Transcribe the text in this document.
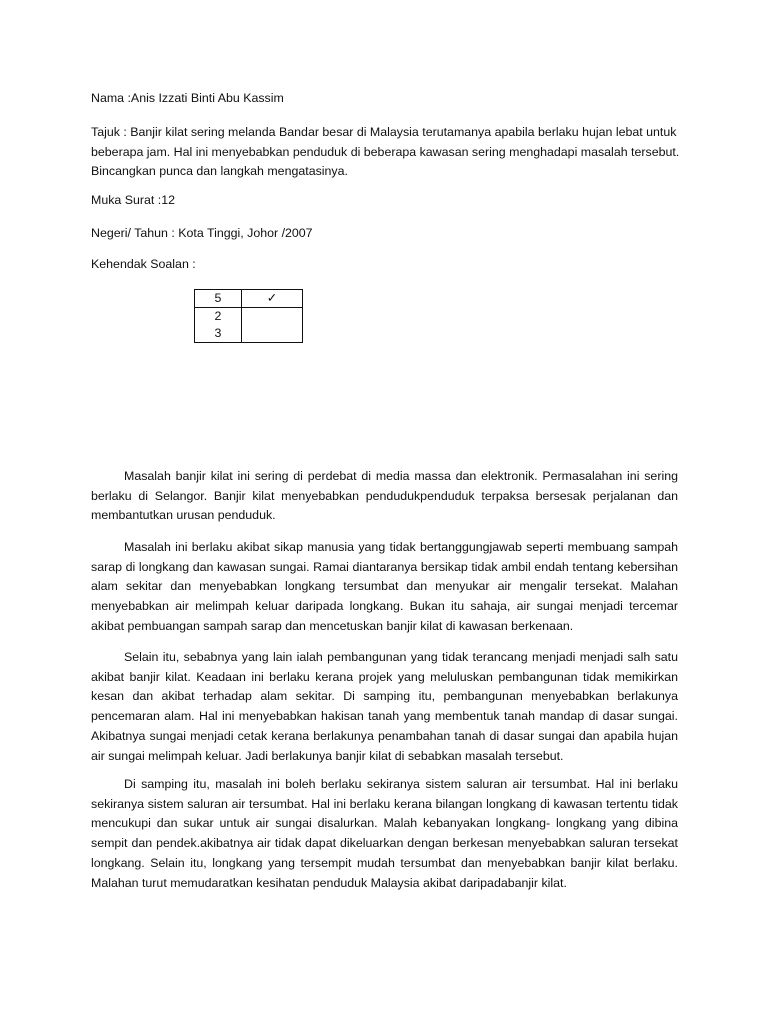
Nama :Anis Izzati Binti Abu Kassim
Tajuk : Banjir kilat sering melanda Bandar besar di Malaysia terutamanya apabila berlaku hujan lebat untuk beberapa jam. Hal ini menyebabkan penduduk di beberapa kawasan sering menghadapi masalah tersebut. Bincangkan punca dan langkah mengatasinya.
Muka Surat :12
Negeri/ Tahun : Kota Tinggi, Johor /2007
Kehendak Soalan :
5	✓

2
3	

Masalah banjir kilat ini sering di perdebat di media massa dan elektronik. Permasalahan ini sering berlaku di Selangor. Banjir kilat menyebabkan pendudukpenduduk terpaksa bersesak perjalanan dan membantutkan urusan penduduk.

Masalah ini berlaku akibat sikap manusia yang tidak bertanggungjawab seperti membuang sampah sarap di longkang dan kawasan sungai. Ramai diantaranya bersikap tidak ambil endah tentang kebersihan alam sekitar dan menyebabkan longkang tersumbat dan menyukar air mengalir tersekat. Malahan menyebabkan air melimpah keluar daripada longkang. Bukan itu sahaja, air sungai menjadi tercemar akibat pembuangan sampah sarap dan mencetuskan banjir kilat di kawasan berkenaan.

Selain itu, sebabnya yang lain ialah pembangunan yang tidak terancang menjadi menjadi salh satu akibat banjir kilat. Keadaan ini berlaku kerana projek yang meluluskan pembangunan tidak memikirkan kesan dan akibat terhadap alam sekitar. Di samping itu, pembangunan menyebabkan berlakunya pencemaran alam. Hal ini menyebabkan hakisan tanah yang membentuk tanah mandap di dasar sungai. Akibatnya sungai menjadi cetak kerana berlakunya penambahan tanah di dasar sungai dan apabila hujan air sungai melimpah keluar. Jadi berlakunya banjir kilat di sebabkan masalah tersebut.

Di samping itu, masalah ini boleh berlaku sekiranya sistem saluran air tersumbat. Hal ini berlaku sekiranya sistem saluran air tersumbat. Hal ini berlaku kerana bilangan longkang di kawasan tertentu tidak mencukupi dan sukar untuk air sungai disalurkan. Malah kebanyakan longkang- longkang yang dibina sempit dan pendek.akibatnya air tidak dapat dikeluarkan dengan berkesan menyebabkan saluran tersekat longkang. Selain itu, longkang yang tersempit mudah tersumbat dan menyebabkan banjir kilat berlaku. Malahan turut memudaratkan kesihatan penduduk Malaysia akibat daripadabanjir kilat.
